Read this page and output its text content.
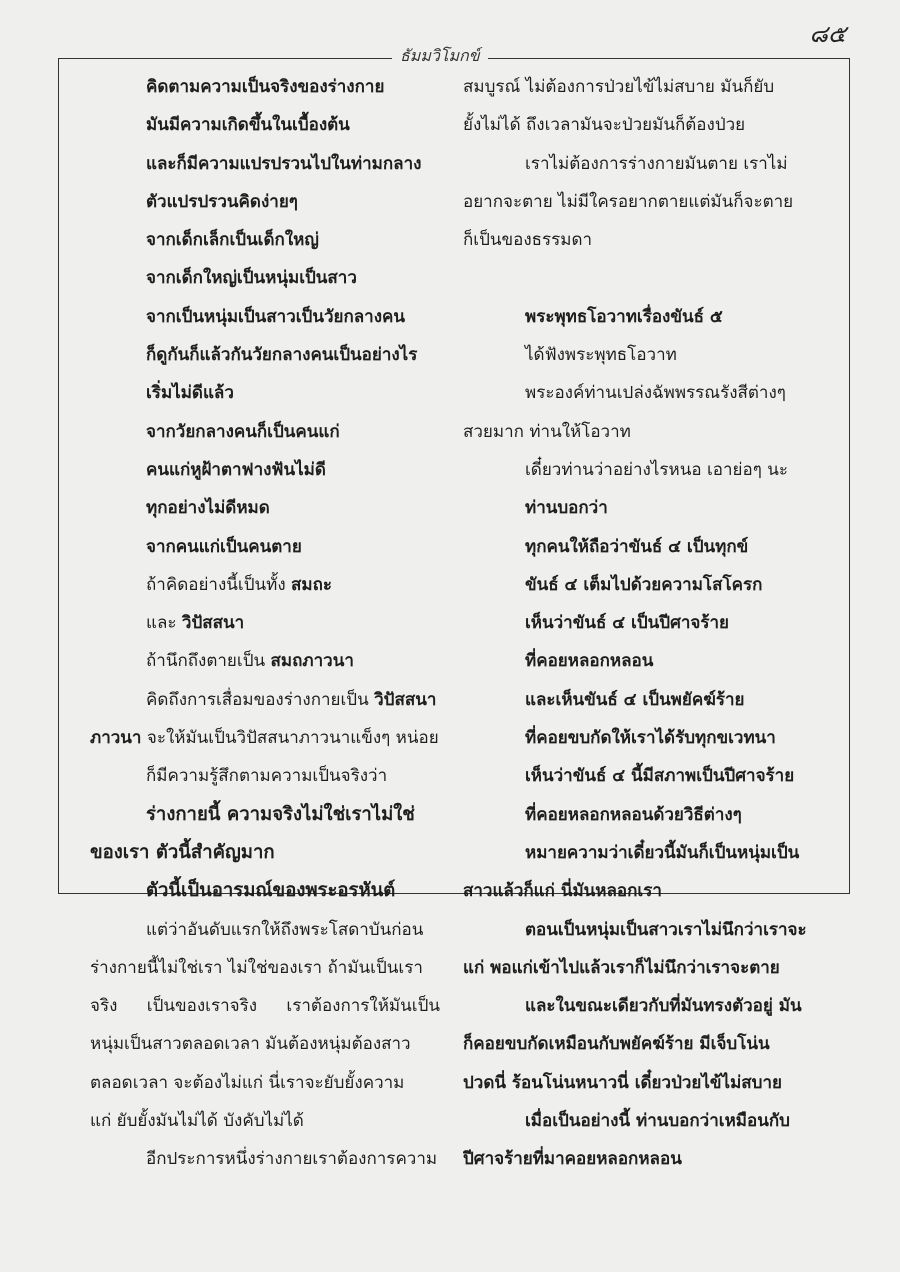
๘๕
ธัมมวิโมกข์
คิดตามความเป็นจริงของร่างกาย
มันมีความเกิดขึ้นในเบื้องต้น
และก็มีความแปรปรวนไปในท่ามกลาง
ตัวแปรปรวนคิดง่ายๆ
จากเด็กเล็กเป็นเด็กใหญ่
จากเด็กใหญ่เป็นหนุ่มเป็นสาว
จากเป็นหนุ่มเป็นสาวเป็นวัยกลางคน
ก็ดูกันก็แล้วกันวัยกลางคนเป็นอย่างไร
เริ่มไม่ดีแล้ว
จากวัยกลางคนก็เป็นคนแก่
คนแก่หูฝ้าตาฟางฟันไม่ดี
ทุกอย่างไม่ดีหมด
จากคนแก่เป็นคนตาย
ถ้าคิดอย่างนี้เป็นทั้ง สมถะ
และ วิปัสสนา
ถ้านึกถึงตายเป็น สมถภาวนา
คิดถึงการเสื่อมของร่างกายเป็น วิปัสสนา
ภาวนา จะให้มันเป็นวิปัสสนาภาวนาแข็งๆ หน่อย
ก็มีความรู้สึกตามความเป็นจริงว่า
ร่างกายนี้ ความจริงไม่ใช่เราไม่ใช่
ของเรา ตัวนี้สำคัญมาก
ตัวนี้เป็นอารมณ์ของพระอรหันต์
แต่ว่าอันดับแรกให้ถึงพระโสดาบันก่อน
ร่างกายนี้ไม่ใช่เรา ไม่ใช่ของเรา ถ้ามันเป็นเรา
จริง เป็นของเราจริง เราต้องการให้มันเป็น
หนุ่มเป็นสาวตลอดเวลา มันต้องหนุ่มต้องสาว
ตลอดเวลา จะต้องไม่แก่ นี่เราจะยับยั้งความ
แก่ ยับยั้งมันไม่ได้ บังคับไม่ได้
อีกประการหนึ่งร่างกายเราต้องการความ
สมบูรณ์ ไม่ต้องการป่วยไข้ไม่สบาย มันก็ยับ
ยั้งไม่ได้ ถึงเวลามันจะป่วยมันก็ต้องป่วย
เราไม่ต้องการร่างกายมันตาย เราไม่
อยากจะตาย ไม่มีใครอยากตายแต่มันก็จะตาย
ก็เป็นของธรรมดา
พระพุทธโอวาทเรื่องขันธ์ ๕
ได้ฟังพระพุทธโอวาท
พระองค์ท่านเปล่งฉัพพรรณรังสีต่างๆ
สวยมาก ท่านให้โอวาท
เดี๋ยวท่านว่าอย่างไรหนอ เอาย่อๆ นะ
ท่านบอกว่า
ทุกคนให้ถือว่าขันธ์ ๔ เป็นทุกข์
ขันธ์ ๔ เต็มไปด้วยความโสโครก
เห็นว่าขันธ์ ๔ เป็นปีศาจร้าย
ที่คอยหลอกหลอน
และเห็นขันธ์ ๔ เป็นพยัคฆ์ร้าย
ที่คอยขบกัดให้เราได้รับทุกขเวทนา
เห็นว่าขันธ์ ๔ นี้มีสภาพเป็นปีศาจร้าย
ที่คอยหลอกหลอนด้วยวิธีต่างๆ
หมายความว่าเดี๋ยวนี้มันก็เป็นหนุ่มเป็น
สาวแล้วก็แก่ นี่มันหลอกเรา
ตอนเป็นหนุ่มเป็นสาวเราไม่นึกว่าเราจะ
แก่ พอแก่เข้าไปแล้วเราก็ไม่นึกว่าเราจะตาย
และในขณะเดียวกับที่มันทรงตัวอยู่ มัน
ก็คอยขบกัดเหมือนกับพยัคฆ์ร้าย มีเจ็บโน่น
ปวดนี่ ร้อนโน่นหนาวนี่ เดี๋ยวป่วยไข้ไม่สบาย
เมื่อเป็นอย่างนี้ ท่านบอกว่าเหมือนกับ
ปีศาจร้ายที่มาคอยหลอกหลอน
